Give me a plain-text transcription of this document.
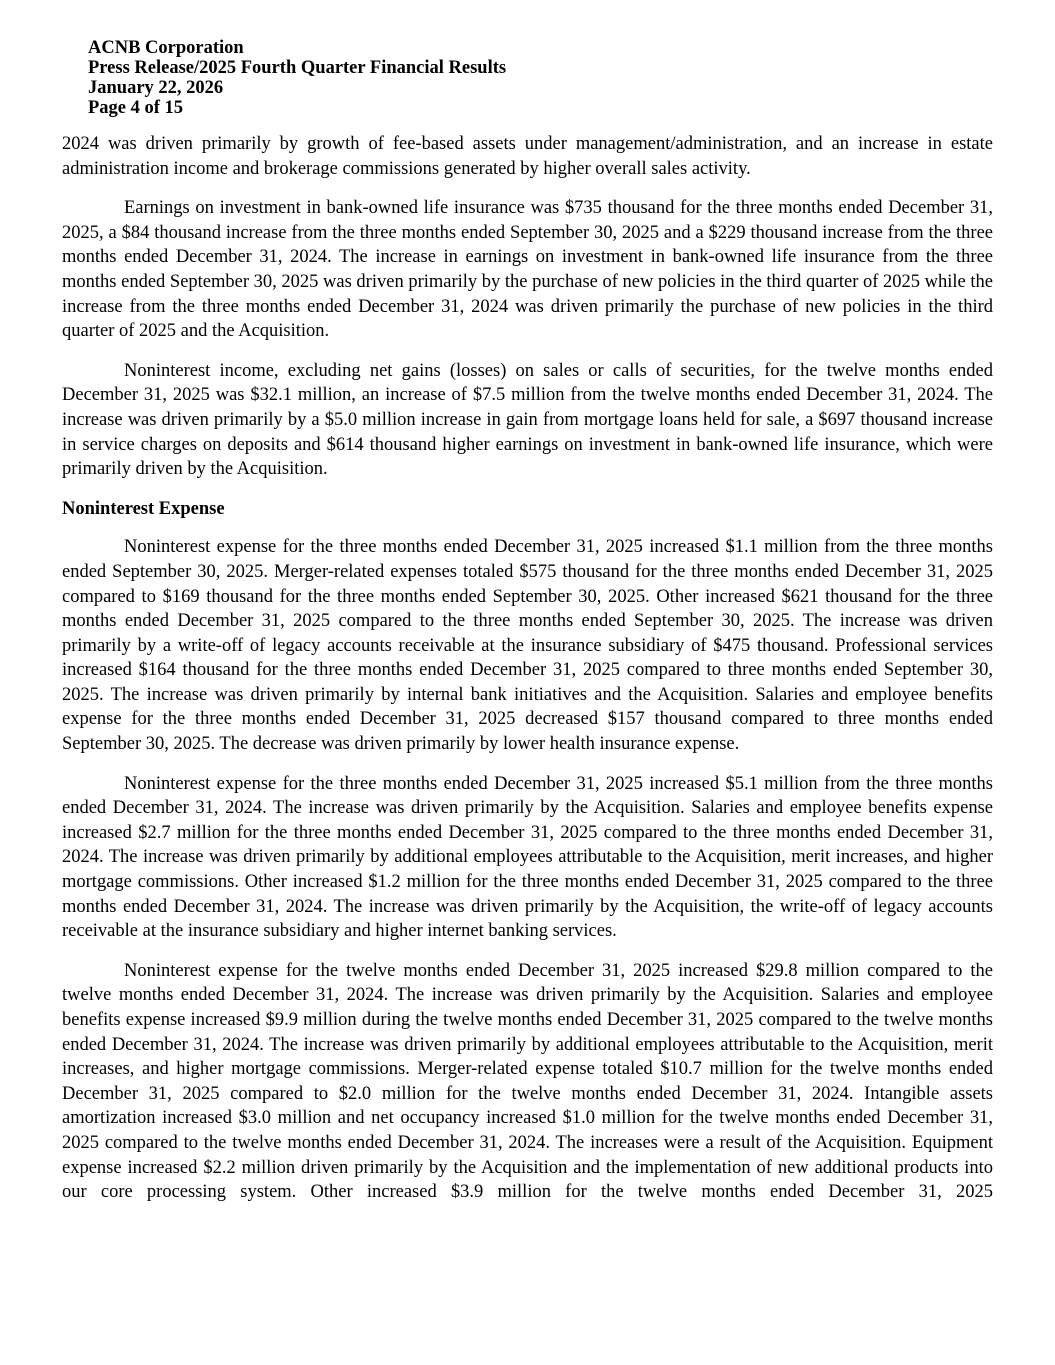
ACNB Corporation
Press Release/2025 Fourth Quarter Financial Results
January 22, 2026
Page 4 of 15

2024 was driven primarily by growth of fee-based assets under management/administration, and an increase in estate administration income and brokerage commissions generated by higher overall sales activity.

Earnings on investment in bank-owned life insurance was $735 thousand for the three months ended December 31, 2025, a $84 thousand increase from the three months ended September 30, 2025 and a $229 thousand increase from the three months ended December 31, 2024. The increase in earnings on investment in bank-owned life insurance from the three months ended September 30, 2025 was driven primarily by the purchase of new policies in the third quarter of 2025 while the increase from the three months ended December 31, 2024 was driven primarily the purchase of new policies in the third quarter of 2025 and the Acquisition.

Noninterest income, excluding net gains (losses) on sales or calls of securities, for the twelve months ended December 31, 2025 was $32.1 million, an increase of $7.5 million from the twelve months ended December 31, 2024. The increase was driven primarily by a $5.0 million increase in gain from mortgage loans held for sale, a $697 thousand increase in service charges on deposits and $614 thousand higher earnings on investment in bank-owned life insurance, which were primarily driven by the Acquisition.

Noninterest Expense

Noninterest expense for the three months ended December 31, 2025 increased $1.1 million from the three months ended September 30, 2025. Merger-related expenses totaled $575 thousand for the three months ended December 31, 2025 compared to $169 thousand for the three months ended September 30, 2025. Other increased $621 thousand for the three months ended December 31, 2025 compared to the three months ended September 30, 2025. The increase was driven primarily by a write-off of legacy accounts receivable at the insurance subsidiary of $475 thousand. Professional services increased $164 thousand for the three months ended December 31, 2025 compared to three months ended September 30, 2025. The increase was driven primarily by internal bank initiatives and the Acquisition. Salaries and employee benefits expense for the three months ended December 31, 2025 decreased $157 thousand compared to three months ended September 30, 2025. The decrease was driven primarily by lower health insurance expense.

Noninterest expense for the three months ended December 31, 2025 increased $5.1 million from the three months ended December 31, 2024. The increase was driven primarily by the Acquisition. Salaries and employee benefits expense increased $2.7 million for the three months ended December 31, 2025 compared to the three months ended December 31, 2024. The increase was driven primarily by additional employees attributable to the Acquisition, merit increases, and higher mortgage commissions. Other increased $1.2 million for the three months ended December 31, 2025 compared to the three months ended December 31, 2024. The increase was driven primarily by the Acquisition, the write-off of legacy accounts receivable at the insurance subsidiary and higher internet banking services.

Noninterest expense for the twelve months ended December 31, 2025 increased $29.8 million compared to the twelve months ended December 31, 2024. The increase was driven primarily by the Acquisition. Salaries and employee benefits expense increased $9.9 million during the twelve months ended December 31, 2025 compared to the twelve months ended December 31, 2024. The increase was driven primarily by additional employees attributable to the Acquisition, merit increases, and higher mortgage commissions. Merger-related expense totaled $10.7 million for the twelve months ended December 31, 2025 compared to $2.0 million for the twelve months ended December 31, 2024. Intangible assets amortization increased $3.0 million and net occupancy increased $1.0 million for the twelve months ended December 31, 2025 compared to the twelve months ended December 31, 2024. The increases were a result of the Acquisition. Equipment expense increased $2.2 million driven primarily by the Acquisition and the implementation of new additional products into our core processing system. Other increased $3.9 million for the twelve months ended December 31, 2025
